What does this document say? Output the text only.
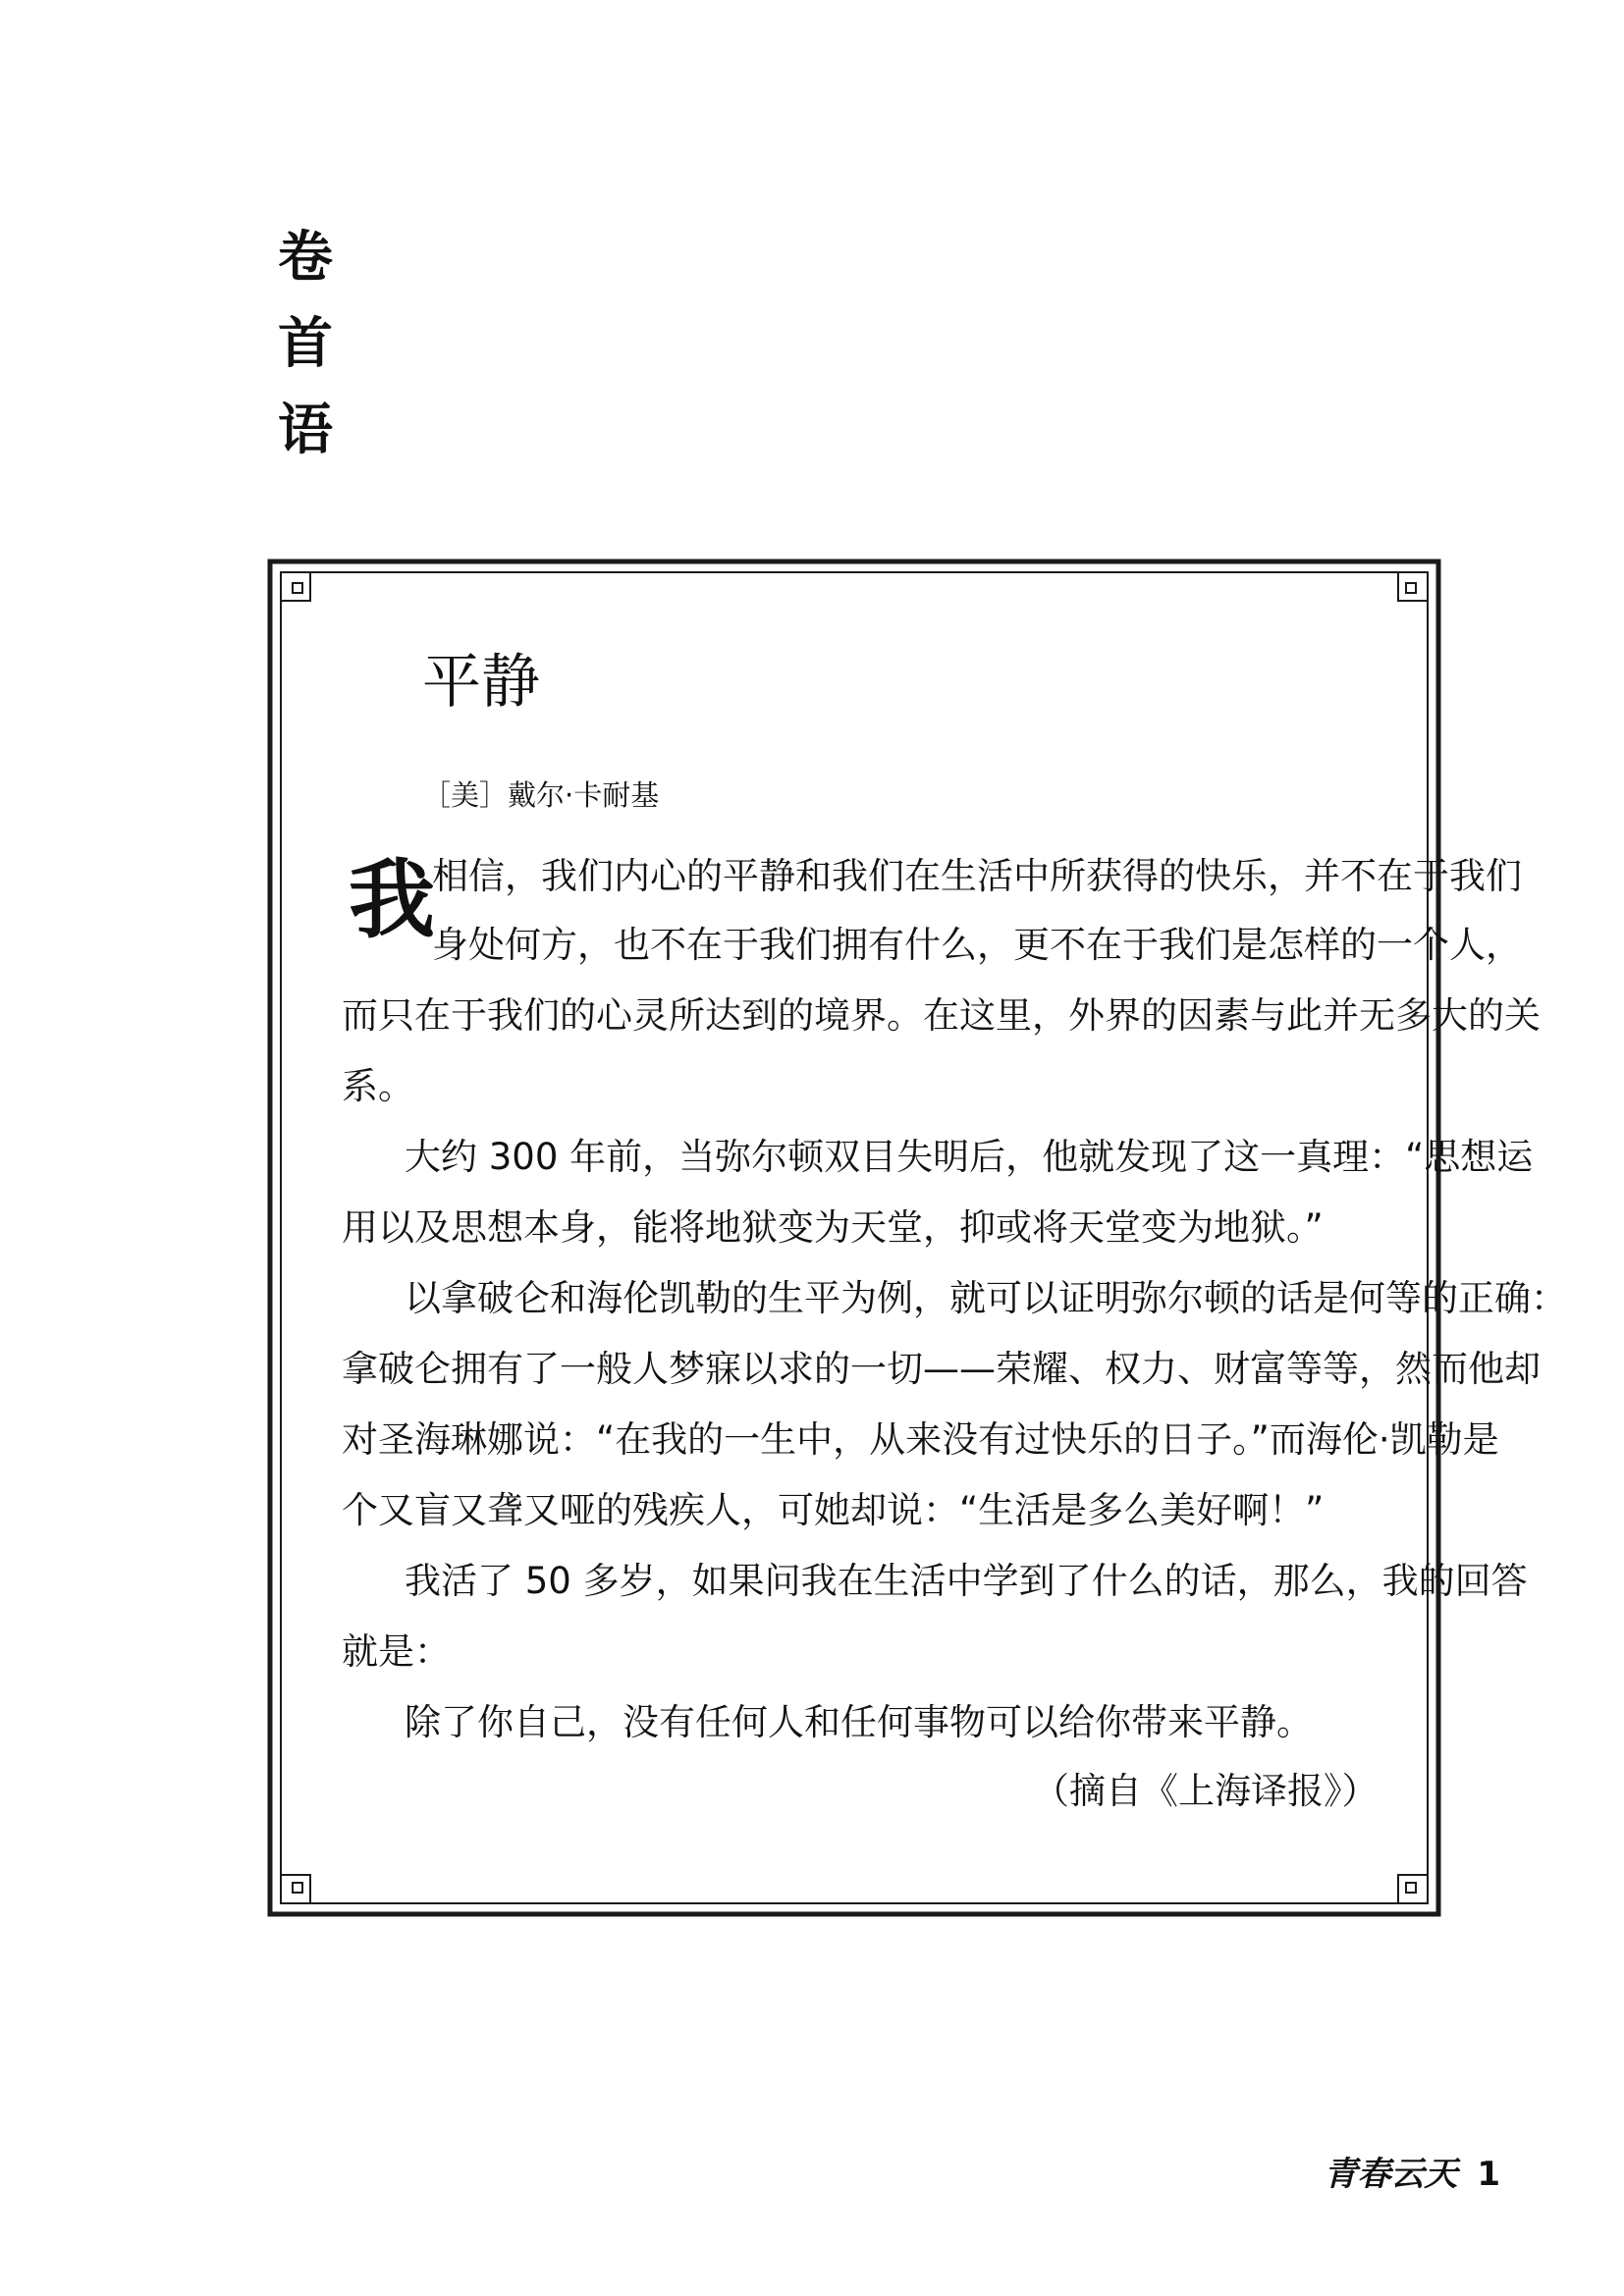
卷
首
语
平静
［美］戴尔·卡耐基
我
相信，我们内心的平静和我们在生活中所获得的快乐，并不在于我们
身处何方，也不在于我们拥有什么，更不在于我们是怎样的一个人，
而只在于我们的心灵所达到的境界。在这里，外界的因素与此并无多大的关
系。
大约 300 年前，当弥尔顿双目失明后，他就发现了这一真理：“思想运
用以及思想本身，能将地狱变为天堂，抑或将天堂变为地狱。”
以拿破仑和海伦凯勒的生平为例，就可以证明弥尔顿的话是何等的正确：
拿破仑拥有了一般人梦寐以求的一切——荣耀、权力、财富等等，然而他却
对圣海琳娜说：“在我的一生中，从来没有过快乐的日子。”而海伦·凯勒是
个又盲又聋又哑的残疾人，可她却说：“生活是多么美好啊！”
我活了 50 多岁，如果问我在生活中学到了什么的话，那么，我的回答
就是：
除了你自己，没有任何人和任何事物可以给你带来平静。
（摘自《上海译报》）
青春云天 1
